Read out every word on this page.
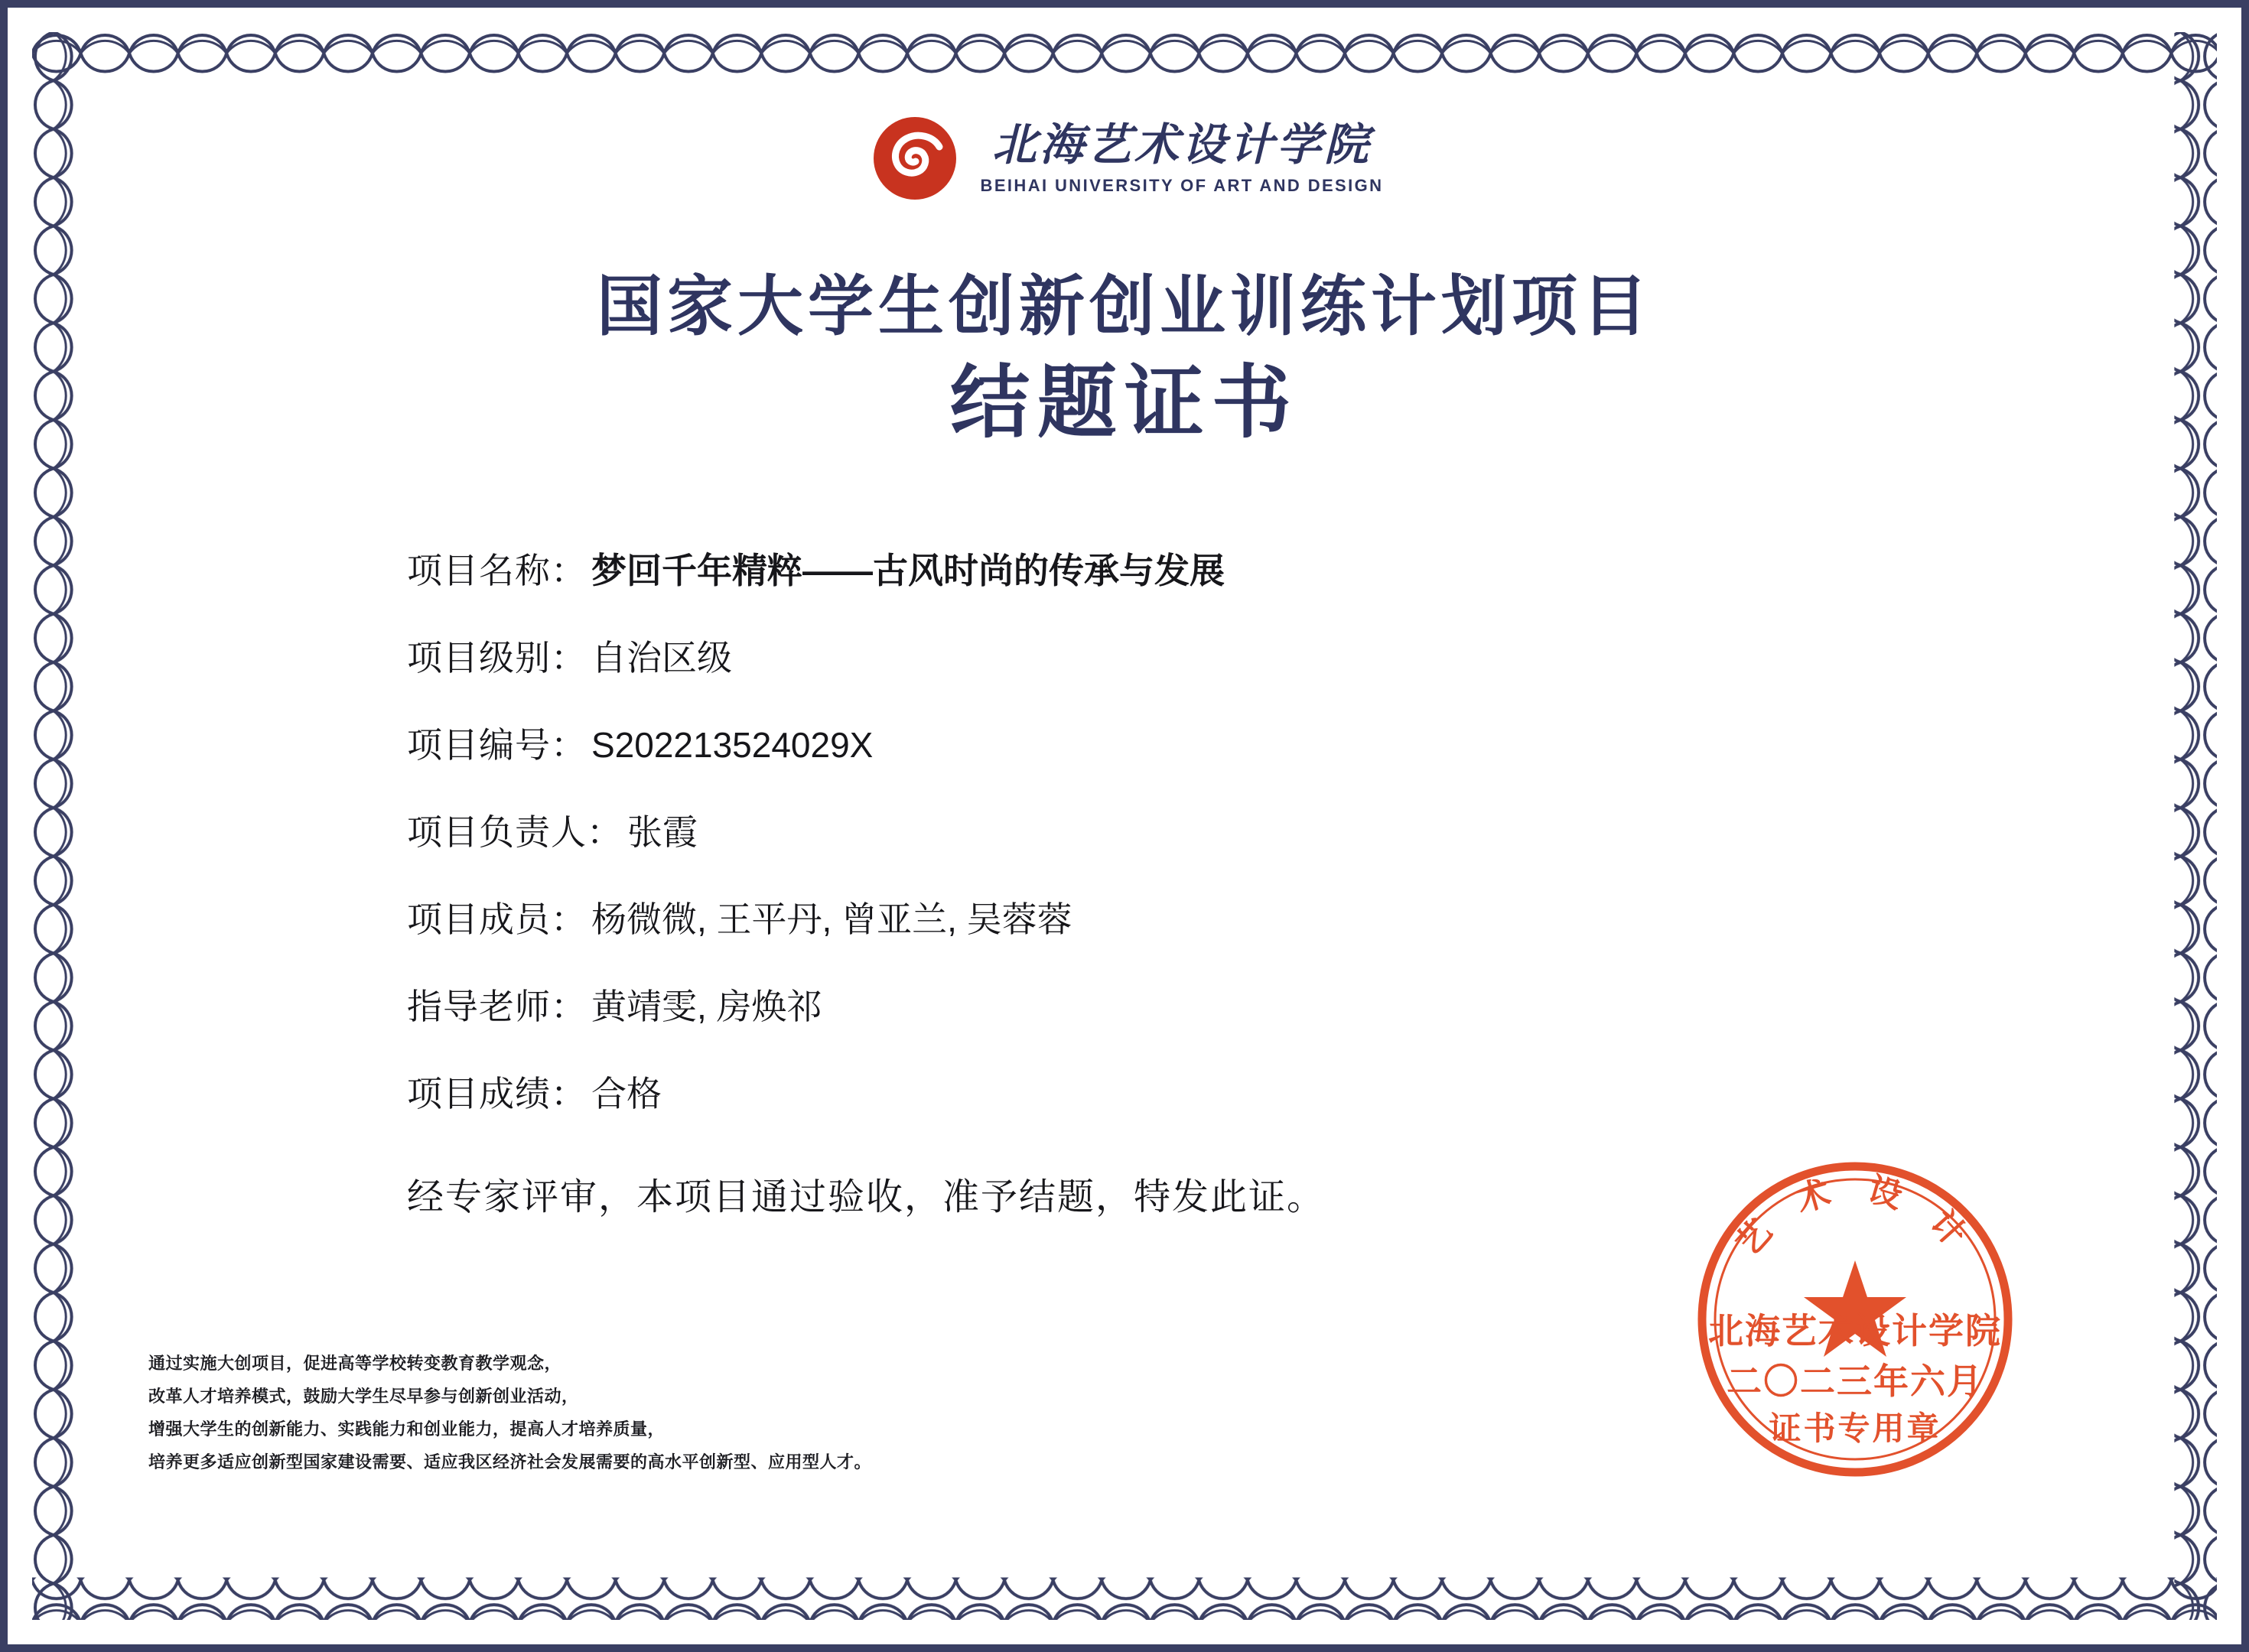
北海艺术设计学院
BEIHAI UNIVERSITY OF ART AND DESIGN
国家大学生创新创业训练计划项目
结题证书
项目名称： 梦回千年精粹——古风时尚的传承与发展
项目级别： 自治区级
项目编号： S202213524029X
项目负责人： 张霞
项目成员： 杨微微, 王平丹, 曾亚兰, 吴蓉蓉
指导老师： 黄靖雯, 房焕祁
项目成绩： 合格
经专家评审，本项目通过验收，准予结题，特发此证。
通过实施大创项目，促进高等学校转变教育教学观念，
改革人才培养模式，鼓励大学生尽早参与创新创业活动，
增强大学生的创新能力、实践能力和创业能力，提高人才培养质量，
培养更多适应创新型国家建设需要、适应我区经济社会发展需要的高水平创新型、应用型人才。
艺 术 设 计
北海艺术设计学院
二〇二三年六月
证书专用章
